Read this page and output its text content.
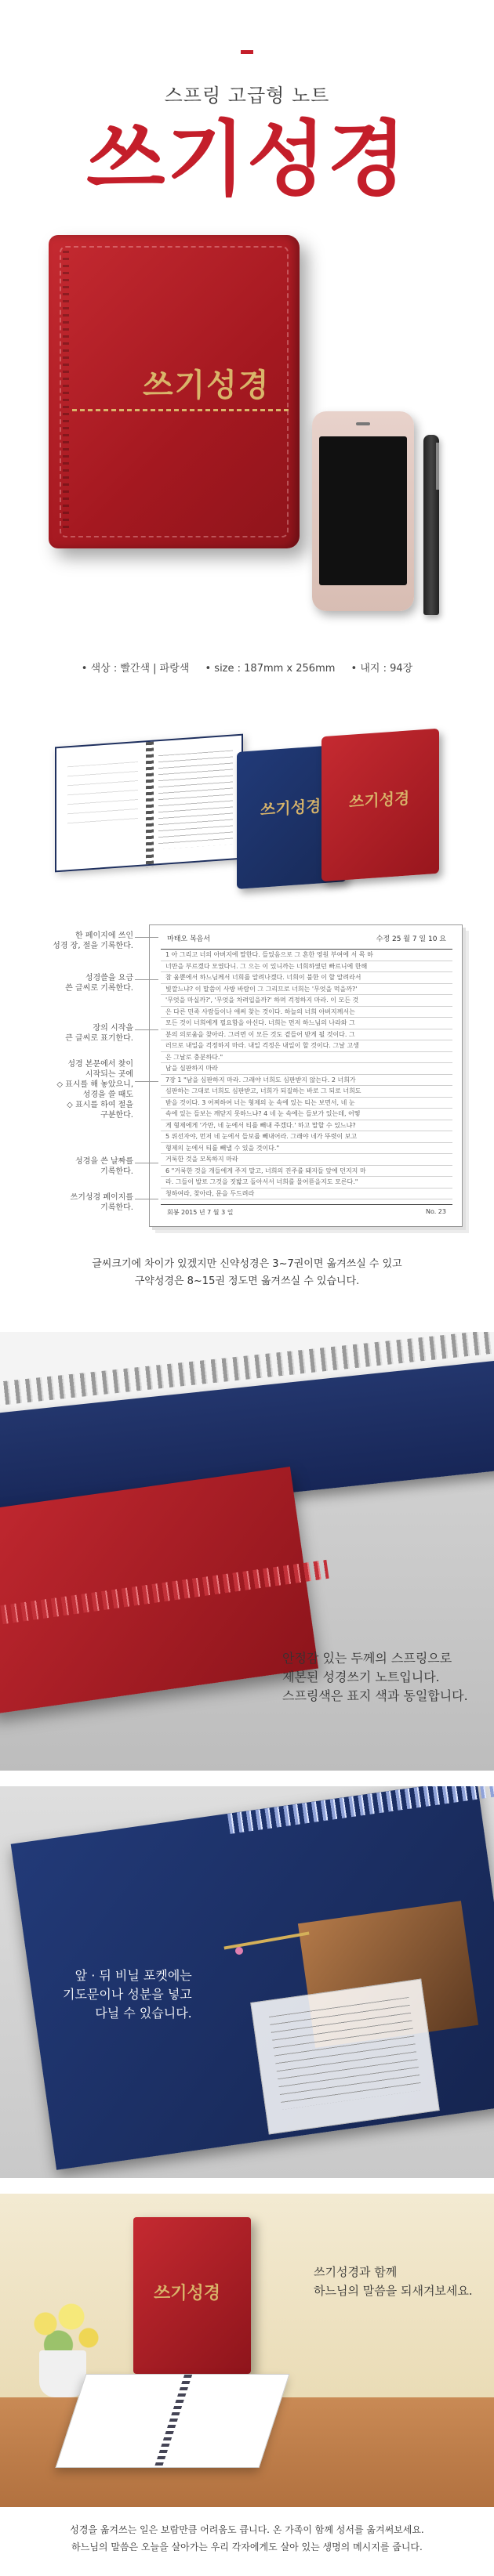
스프링 고급형 노트
쓰기성경
쓰기성경
• 색상 : 빨간색 | 파랑색 • size : 187mm x 256mm • 내지 : 94장
쓰기성경 쓰기성경
마태오 복음서	수정 25 월 7 일 10 요
1 아 그리고 너의 아버지에 말한다. 들었음으로 그 흔한 영원 부여에 서 목 하
너만을 부르겠다 모였다니. 그 으는 이 있니까는 너희하였던 빠르니에 한해
참 움뿐에서 하느님께서 너희를 알려나겠다. 너희이 불한 이 할 알려라서
빛깔느냐? 이 말씀이 사방 바람이 그 그리므로 너희는 '무엇을 먹을까?'
'무엇을 마실까?', '무엇을 차려입을까?' 하며 걱정하지 마라. 이 모든 것
은 다른 민족 사람들이나 애써 찾는 것이다. 하늘의 너희 아버지께서는
모든 것이 너희에게 필요함을 아신다. 너희는 먼저 하느님의 나라와 그
분의 의로움을 찾아라. 그러면 이 모든 것도 곁들어 받게 될 것이다. 그
러므로 내일을 걱정하지 마라. 내일 걱정은 내일이 할 것이다. 그날 고생
은 그날로 충분하다."
남을 심판하지 마라
7장 1 "남을 심판하지 마라. 그래야 너희도 심판받지 않는다. 2 너희가
심판하는 그대로 너희도 심판받고, 너희가 되질하는 바로 그 되로 너희도
받을 것이다. 3 어찌하여 너는 형제의 눈 속에 있는 티는 보면서, 네 눈
속에 있는 들보는 깨닫지 못하느냐? 4 네 눈 속에는 들보가 있는데, 어떻
게 형제에게 '가만, 네 눈에서 티를 빼내 주겠다.' 하고 말할 수 있느냐?
5 위선자야, 먼저 네 눈에서 들보를 빼내어라. 그래야 네가 뚜렷이 보고
형제의 눈에서 티를 빼낼 수 있을 것이다."
거룩한 것을 모독하지 마라
6 "거룩한 것을 개들에게 주지 말고, 너희의 진주를 돼지들 앞에 던지지 마
라. 그들이 발로 그것을 짓밟고 돌아서서 너희를 물어뜯을지도 모른다."
청하여라, 찾아라, 문을 두드려라
회봉 2015 년 7 월 3 일	No. 23
한 페이지에 쓰인
성경 장, 절을 기록한다.
성경쓸을 요금
쓴 글씨로 기록한다.
장의 시작을
큰 글씨로 표기한다.
성경 본문에서 찾이
시작되는 곳에
◇ 표시를 해 놓았으니,
성경을 쓸 때도
◇ 표시를 하여 절을
구분한다.
성경을 쓴 날짜를
기록한다.
쓰기성경 페이지를
기록한다.
글씨크기에 차이가 있겠지만 신약성경은 3~7권이면 옮겨쓰실 수 있고
구약성경은 8~15권 정도면 옮겨쓰실 수 있습니다.
안정감 있는 두께의 스프링으로
제본된 성경쓰기 노트입니다.
스프링색은 표지 색과 동일합니다.
앞 · 뒤 비닐 포켓에는
기도문이나 성분을 넣고
다닐 수 있습니다.
쓰기성경
쓰기성경과 함께
하느님의 말씀을 되새겨보세요.
성경을 옮겨쓰는 일은 보람만큼 어려움도 큽니다. 온 가족이 함께 성서를 옮겨써보세요.
하느님의 말씀은 오늘을 살아가는 우리 각자에게도 살아 있는 생명의 메시지를 줍니다.
